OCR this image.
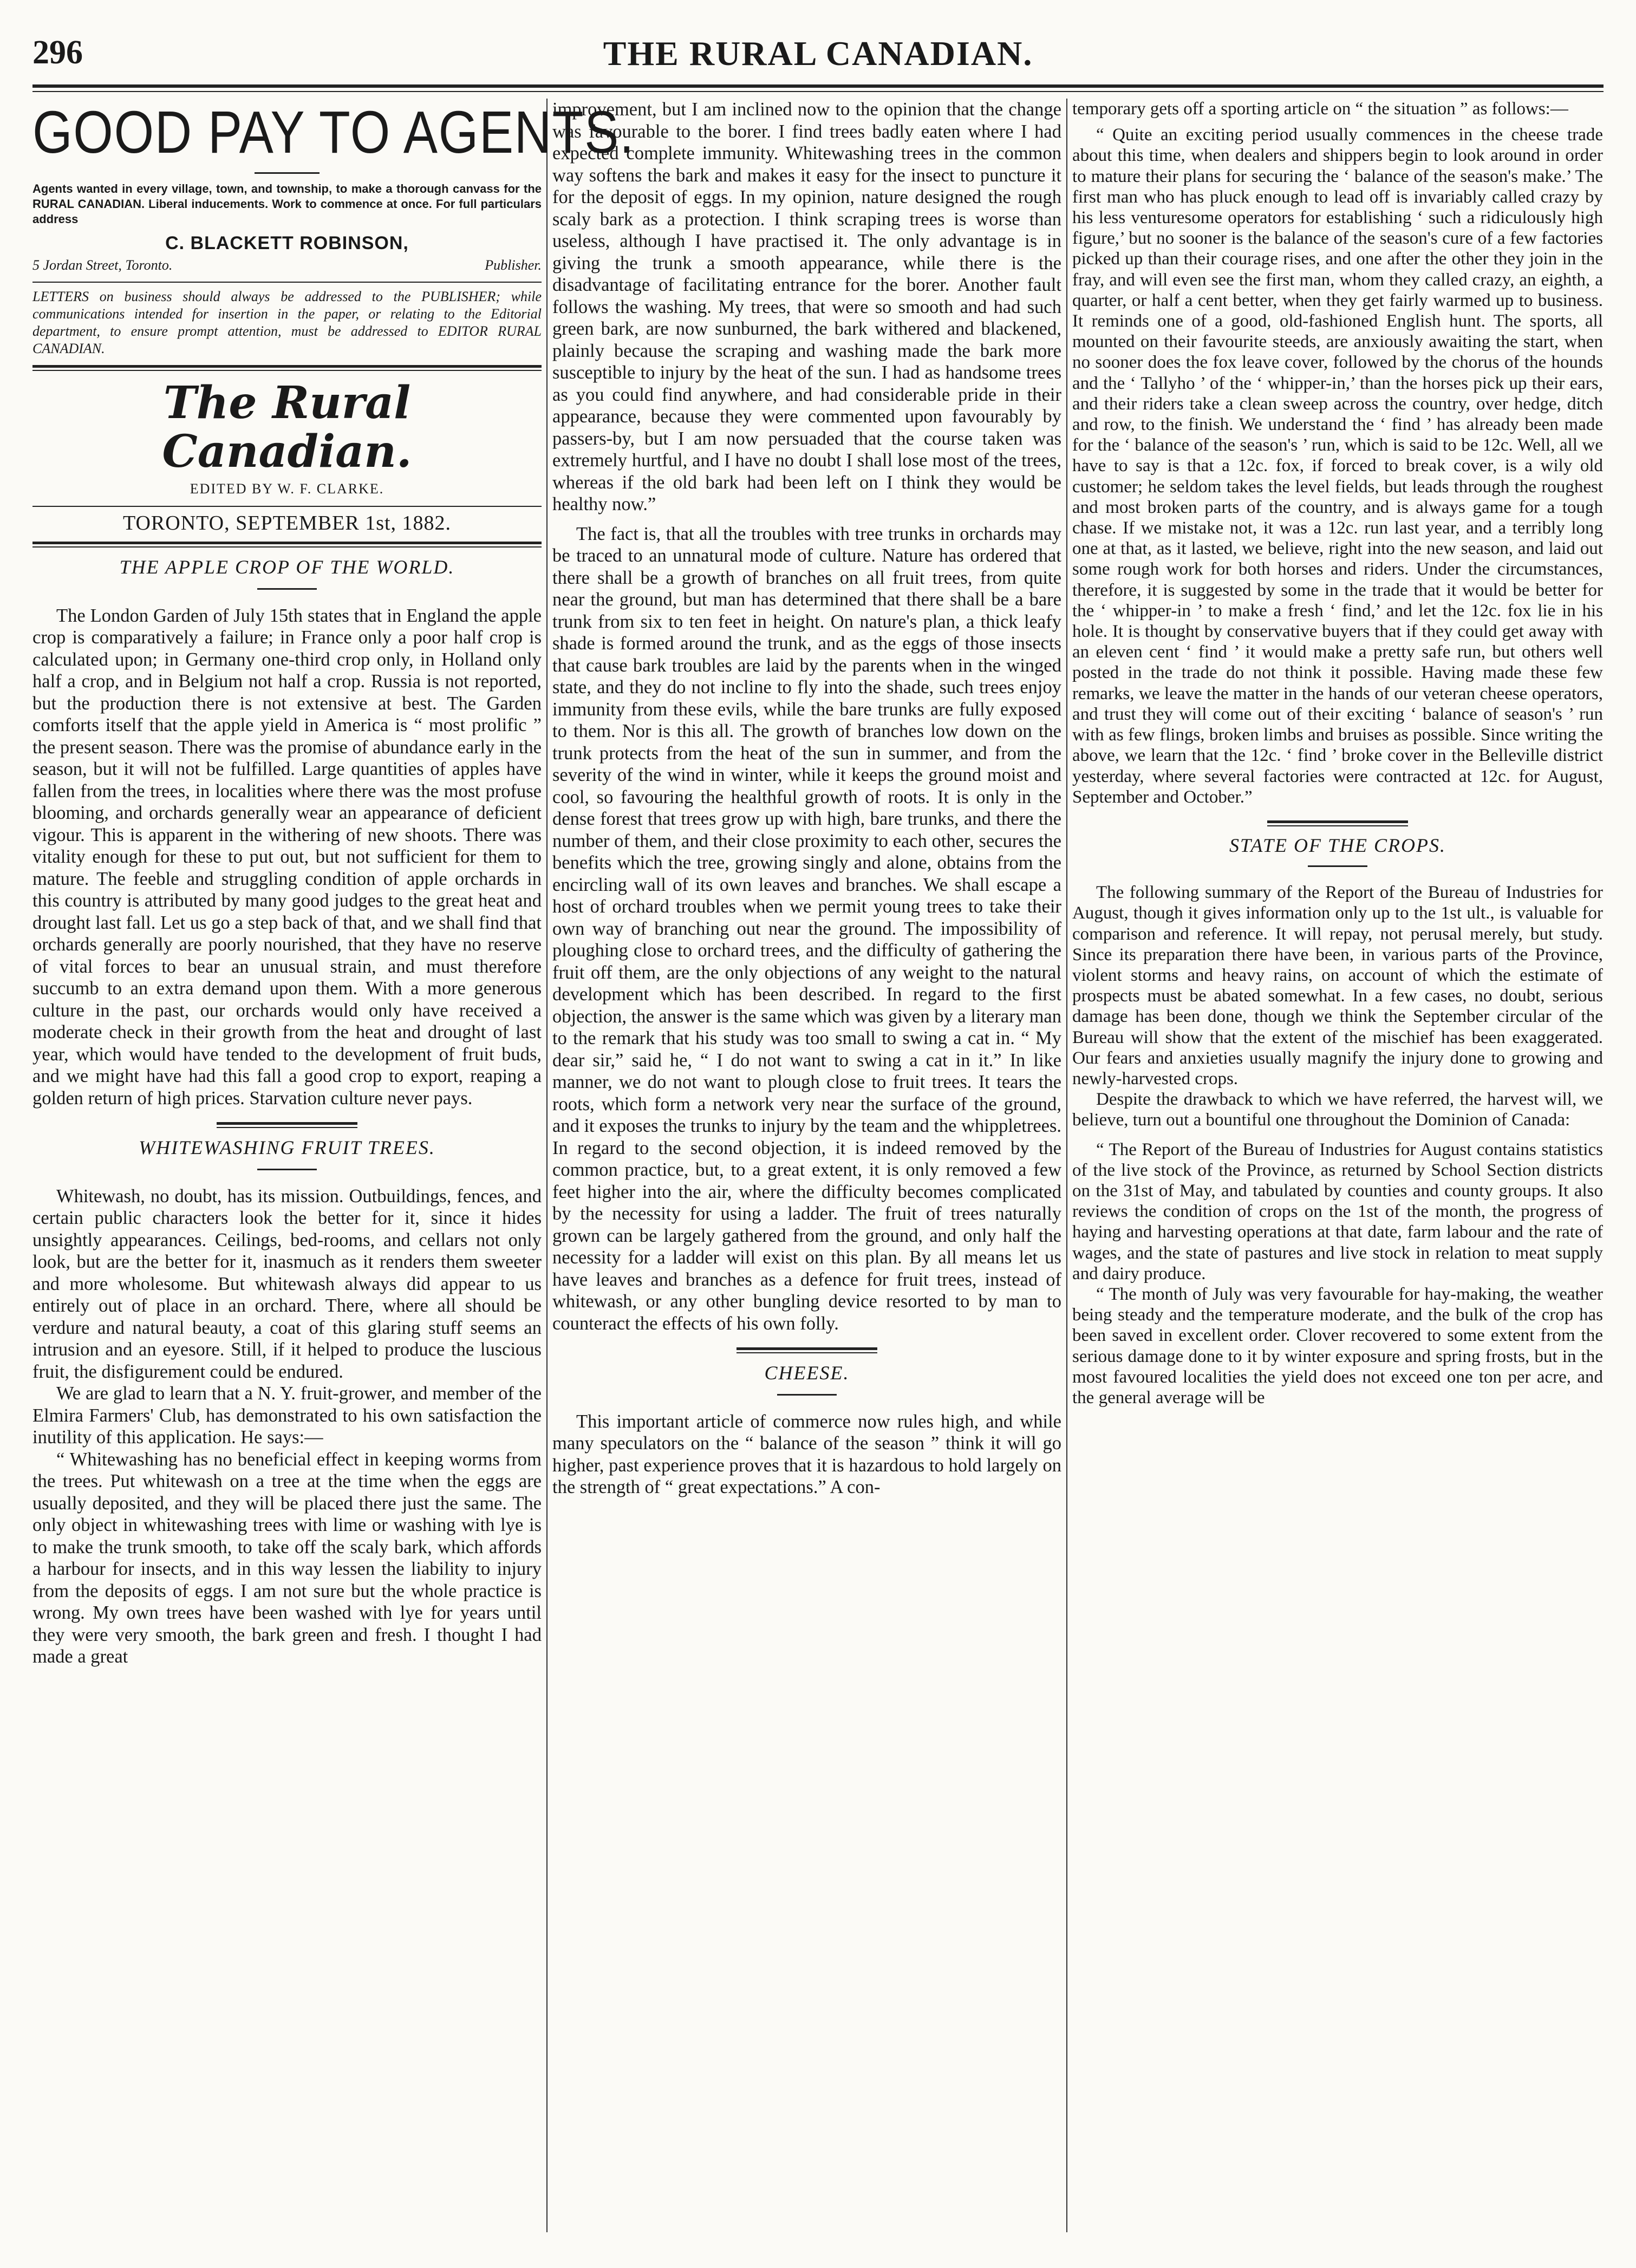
296	THE RURAL CANADIAN.
GOOD PAY TO AGENTS.
Agents wanted in every village, town, and township, to make a thorough canvass for the RURAL CANADIAN. Liberal inducements. Work to commence at once. For full particulars address
C. BLACKETT ROBINSON,
5 Jordan Street, Toronto.	Publisher.
LETTERS on business should always be addressed to the PUBLISHER; while communications intended for insertion in the paper, or relating to the Editorial department, to ensure prompt attention, must be addressed to EDITOR RURAL CANADIAN.
The Rural Canadian.
EDITED BY W. F. CLARKE.
TORONTO, SEPTEMBER 1st, 1882.
THE APPLE CROP OF THE WORLD.

The London Garden of July 15th states that in England the apple crop is comparatively a failure; in France only a poor half crop is calculated upon; in Germany one-third crop only, in Holland only half a crop, and in Belgium not half a crop. Russia is not reported, but the production there is not extensive at best. The Garden comforts itself that the apple yield in America is “ most prolific ” the present season. There was the promise of abundance early in the season, but it will not be fulfilled. Large quantities of apples have fallen from the trees, in localities where there was the most profuse blooming, and orchards generally wear an appearance of deficient vigour. This is apparent in the withering of new shoots. There was vitality enough for these to put out, but not sufficient for them to mature. The feeble and struggling condition of apple orchards in this country is attributed by many good judges to the great heat and drought last fall. Let us go a step back of that, and we shall find that orchards generally are poorly nourished, that they have no reserve of vital forces to bear an unusual strain, and must therefore succumb to an extra demand upon them. With a more generous culture in the past, our orchards would only have received a moderate check in their growth from the heat and drought of last year, which would have tended to the development of fruit buds, and we might have had this fall a good crop to export, reaping a golden return of high prices. Starvation culture never pays.

WHITEWASHING FRUIT TREES.

Whitewash, no doubt, has its mission. Outbuildings, fences, and certain public characters look the better for it, since it hides unsightly appearances. Ceilings, bed-rooms, and cellars not only look, but are the better for it, inasmuch as it renders them sweeter and more wholesome. But whitewash always did appear to us entirely out of place in an orchard. There, where all should be verdure and natural beauty, a coat of this glaring stuff seems an intrusion and an eyesore. Still, if it helped to produce the luscious fruit, the disfigurement could be endured.

We are glad to learn that a N. Y. fruit-grower, and member of the Elmira Farmers' Club, has demonstrated to his own satisfaction the inutility of this application. He says:—

“ Whitewashing has no beneficial effect in keeping worms from the trees. Put whitewash on a tree at the time when the eggs are usually deposited, and they will be placed there just the same. The only object in whitewashing trees with lime or washing with lye is to make the trunk smooth, to take off the scaly bark, which affords a harbour for insects, and in this way lessen the liability to injury from the deposits of eggs. I am not sure but the whole practice is wrong. My own trees have been washed with lye for years until they were very smooth, the bark green and fresh. I thought I had made a great

improvement, but I am inclined now to the opinion that the change was favourable to the borer. I find trees badly eaten where I had expected complete immunity. Whitewashing trees in the common way softens the bark and makes it easy for the insect to puncture it for the deposit of eggs. In my opinion, nature designed the rough scaly bark as a protection. I think scraping trees is worse than useless, although I have practised it. The only advantage is in giving the trunk a smooth appearance, while there is the disadvantage of facilitating entrance for the borer. Another fault follows the washing. My trees, that were so smooth and had such green bark, are now sunburned, the bark withered and blackened, plainly because the scraping and washing made the bark more susceptible to injury by the heat of the sun. I had as handsome trees as you could find anywhere, and had considerable pride in their appearance, because they were commented upon favourably by passers-by, but I am now persuaded that the course taken was extremely hurtful, and I have no doubt I shall lose most of the trees, whereas if the old bark had been left on I think they would be healthy now.”

The fact is, that all the troubles with tree trunks in orchards may be traced to an unnatural mode of culture. Nature has ordered that there shall be a growth of branches on all fruit trees, from quite near the ground, but man has determined that there shall be a bare trunk from six to ten feet in height. On nature's plan, a thick leafy shade is formed around the trunk, and as the eggs of those insects that cause bark troubles are laid by the parents when in the winged state, and they do not incline to fly into the shade, such trees enjoy immunity from these evils, while the bare trunks are fully exposed to them. Nor is this all. The growth of branches low down on the trunk protects from the heat of the sun in summer, and from the severity of the wind in winter, while it keeps the ground moist and cool, so favouring the healthful growth of roots. It is only in the dense forest that trees grow up with high, bare trunks, and there the number of them, and their close proximity to each other, secures the benefits which the tree, growing singly and alone, obtains from the encircling wall of its own leaves and branches. We shall escape a host of orchard troubles when we permit young trees to take their own way of branching out near the ground. The impossibility of ploughing close to orchard trees, and the difficulty of gathering the fruit off them, are the only objections of any weight to the natural development which has been described. In regard to the first objection, the answer is the same which was given by a literary man to the remark that his study was too small to swing a cat in. “ My dear sir,” said he, “ I do not want to swing a cat in it.” In like manner, we do not want to plough close to fruit trees. It tears the roots, which form a network very near the surface of the ground, and it exposes the trunks to injury by the team and the whippletrees. In regard to the second objection, it is indeed removed by the common practice, but, to a great extent, it is only removed a few feet higher into the air, where the difficulty becomes complicated by the necessity for using a ladder. The fruit of trees naturally grown can be largely gathered from the ground, and only half the necessity for a ladder will exist on this plan. By all means let us have leaves and branches as a defence for fruit trees, instead of whitewash, or any other bungling device resorted to by man to counteract the effects of his own folly.

CHEESE.

This important article of commerce now rules high, and while many speculators on the “ balance of the season ” think it will go higher, past experience proves that it is hazardous to hold largely on the strength of “ great expectations.” A con-

temporary gets off a sporting article on “ the situation ” as follows:—

“ Quite an exciting period usually commences in the cheese trade about this time, when dealers and shippers begin to look around in order to mature their plans for securing the ‘ balance of the season's make.’ The first man who has pluck enough to lead off is invariably called crazy by his less venturesome operators for establishing ‘ such a ridiculously high figure,’ but no sooner is the balance of the season's cure of a few factories picked up than their courage rises, and one after the other they join in the fray, and will even see the first man, whom they called crazy, an eighth, a quarter, or half a cent better, when they get fairly warmed up to business. It reminds one of a good, old-fashioned English hunt. The sports, all mounted on their favourite steeds, are anxiously awaiting the start, when no sooner does the fox leave cover, followed by the chorus of the hounds and the ‘ Tallyho ’ of the ‘ whipper-in,’ than the horses pick up their ears, and their riders take a clean sweep across the country, over hedge, ditch and row, to the finish. We understand the ‘ find ’ has already been made for the ‘ balance of the season's ’ run, which is said to be 12c. Well, all we have to say is that a 12c. fox, if forced to break cover, is a wily old customer; he seldom takes the level fields, but leads through the roughest and most broken parts of the country, and is always game for a tough chase. If we mistake not, it was a 12c. run last year, and a terribly long one at that, as it lasted, we believe, right into the new season, and laid out some rough work for both horses and riders. Under the circumstances, therefore, it is suggested by some in the trade that it would be better for the ‘ whipper-in ’ to make a fresh ‘ find,’ and let the 12c. fox lie in his hole. It is thought by conservative buyers that if they could get away with an eleven cent ‘ find ’ it would make a pretty safe run, but others well posted in the trade do not think it possible. Having made these few remarks, we leave the matter in the hands of our veteran cheese operators, and trust they will come out of their exciting ‘ balance of season's ’ run with as few flings, broken limbs and bruises as possible. Since writing the above, we learn that the 12c. ‘ find ’ broke cover in the Belleville district yesterday, where several factories were contracted at 12c. for August, September and October.”

STATE OF THE CROPS.

The following summary of the Report of the Bureau of Industries for August, though it gives information only up to the 1st ult., is valuable for comparison and reference. It will repay, not perusal merely, but study. Since its preparation there have been, in various parts of the Province, violent storms and heavy rains, on account of which the estimate of prospects must be abated somewhat. In a few cases, no doubt, serious damage has been done, though we think the September circular of the Bureau will show that the extent of the mischief has been exaggerated. Our fears and anxieties usually magnify the injury done to growing and newly-harvested crops.

Despite the drawback to which we have referred, the harvest will, we believe, turn out a bountiful one throughout the Dominion of Canada:

“ The Report of the Bureau of Industries for August contains statistics of the live stock of the Province, as returned by School Section districts on the 31st of May, and tabulated by counties and county groups. It also reviews the condition of crops on the 1st of the month, the progress of haying and harvesting operations at that date, farm labour and the rate of wages, and the state of pastures and live stock in relation to meat supply and dairy produce.

“ The month of July was very favourable for hay-making, the weather being steady and the temperature moderate, and the bulk of the crop has been saved in excellent order. Clover recovered to some extent from the serious damage done to it by winter exposure and spring frosts, but in the most favoured localities the yield does not exceed one ton per acre, and the general average will be
